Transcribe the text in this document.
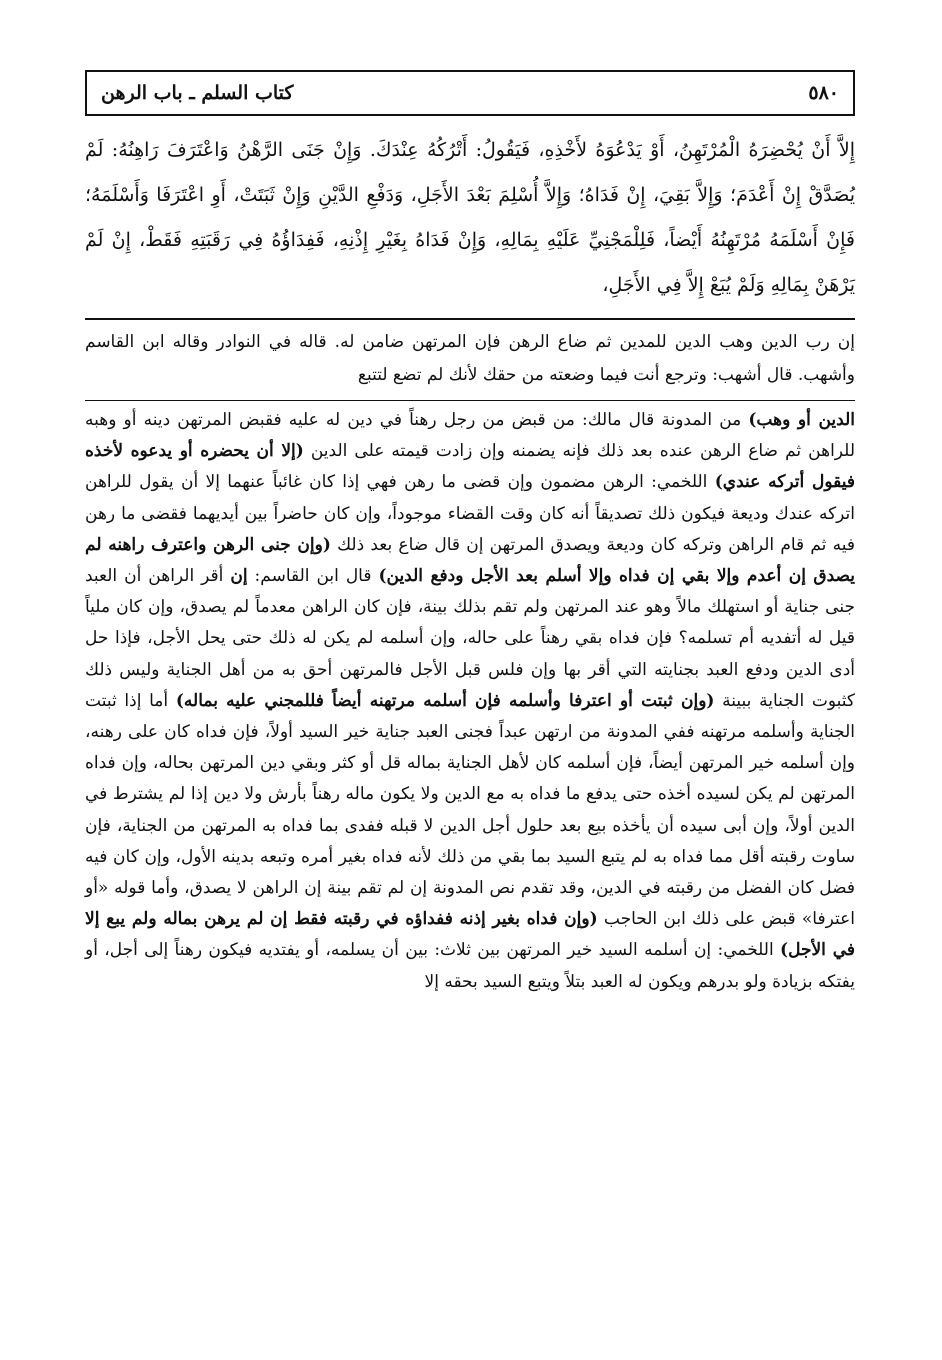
٥٨٠
كتاب السلم ـ باب الرهن
إِلاَّ أَنْ يُحْضِرَهُ الْمُرْتَهِنُ، أَوْ يَدْعُوَهُ لأَخْذِهِ، فَيَقُولُ: أَتْرُكُهُ عِنْدَكَ. وَإِنْ جَنَى الرَّهْنُ وَاعْتَرَفَ رَاهِنُهُ: لَمْ يُصَدَّقْ إِنْ أَعْدَمَ؛ وَإِلاَّ بَقِيَ، إِنْ فَدَاهُ؛ وَإِلاَّ أُسْلِمَ بَعْدَ الأَجَلِ، وَدَفْعِ الدَّيْنِ وَإِنْ ثَبَتَتْ، أَوِ اعْتَرَفَا وَأَسْلَمَهُ؛ فَإِنْ أَسْلَمَهُ مُرْتَهِنُهُ أَيْضاً، فَلِلْمَجْنِيِّ عَلَيْهِ بِمَالِهِ، وَإِنْ فَدَاهُ بِغَيْرِ إِذْنِهِ، فَفِدَاؤُهُ فِي رَقَبَتِهِ فَقَطْ، إِنْ لَمْ يَرْهَنْ بِمَالِهِ وَلَمْ يُبَعْ إِلاَّ فِي الأَجَلِ،
إن رب الدين وهب الدين للمدين ثم ضاع الرهن فإن المرتهن ضامن له. قاله في النوادر وقاله ابن القاسم وأشهب. قال أشهب: وترجع أنت فيما وضعته من حقك لأنك لم تضع لتتبع

الدين أو وهب) من المدونة قال مالك: من قبض من رجل رهناً في دين له عليه فقبض المرتهن دينه أو وهبه للراهن ثم ضاع الرهن عنده بعد ذلك فإنه يضمنه وإن زادت قيمته على الدين (إلا أن يحضره أو يدعوه لأخذه فيقول أتركه عندي) اللخمي: الرهن مضمون وإن قضى ما رهن فهي إذا كان غائباً عنهما إلا أن يقول للراهن اتركه عندك وديعة فيكون ذلك تصديقاً أنه كان وقت القضاء موجوداً، وإن كان حاضراً بين أيديهما فقضى ما رهن فيه ثم قام الراهن وتركه كان وديعة ويصدق المرتهن إن قال ضاع بعد ذلك (وإن جنى الرهن واعترف راهنه لم يصدق إن أعدم وإلا بقي إن فداه وإلا أسلم بعد الأجل ودفع الدين) قال ابن القاسم: إن أقر الراهن أن العبد جنى جناية أو استهلك مالاً وهو عند المرتهن ولم تقم بذلك بينة، فإن كان الراهن معدماً لم يصدق، وإن كان ملياً قيل له أتفديه أم تسلمه؟ فإن فداه بقي رهناً على حاله، وإن أسلمه لم يكن له ذلك حتى يحل الأجل، فإذا حل أدى الدين ودفع العبد بجنايته التي أقر بها وإن فلس قبل الأجل فالمرتهن أحق به من أهل الجناية وليس ذلك كثبوت الجناية ببينة (وإن ثبتت أو اعترفا وأسلمه فإن أسلمه مرتهنه أيضاً فللمجني عليه بماله) أما إذا ثبتت الجناية وأسلمه مرتهنه ففي المدونة من ارتهن عبداً فجنى العبد جناية خير السيد أولاً، فإن فداه كان على رهنه، وإن أسلمه خير المرتهن أيضاً، فإن أسلمه كان لأهل الجناية بماله قل أو كثر وبقي دين المرتهن بحاله، وإن فداه المرتهن لم يكن لسيده أخذه حتى يدفع ما فداه به مع الدين ولا يكون ماله رهناً بأرش ولا دين إذا لم يشترط في الدين أولاً، وإن أبى سيده أن يأخذه بيع بعد حلول أجل الدين لا قبله ففدى بما فداه به المرتهن من الجناية، فإن ساوت رقبته أقل مما فداه به لم يتبع السيد بما بقي من ذلك لأنه فداه بغير أمره وتبعه بدينه الأول، وإن كان فيه فضل كان الفضل من رقبته في الدين، وقد تقدم نص المدونة إن لم تقم بينة إن الراهن لا يصدق، وأما قوله «أو اعترفا» قبض على ذلك ابن الحاجب (وإن فداه بغير إذنه ففداؤه في رقبته فقط إن لم يرهن بماله ولم يبع إلا في الأجل) اللخمي: إن أسلمه السيد خير المرتهن بين ثلاث: بين أن يسلمه، أو يفتديه فيكون رهناً إلى أجل، أو يفتكه بزيادة ولو بدرهم ويكون له العبد بتلاً ويتبع السيد بحقه إلا
